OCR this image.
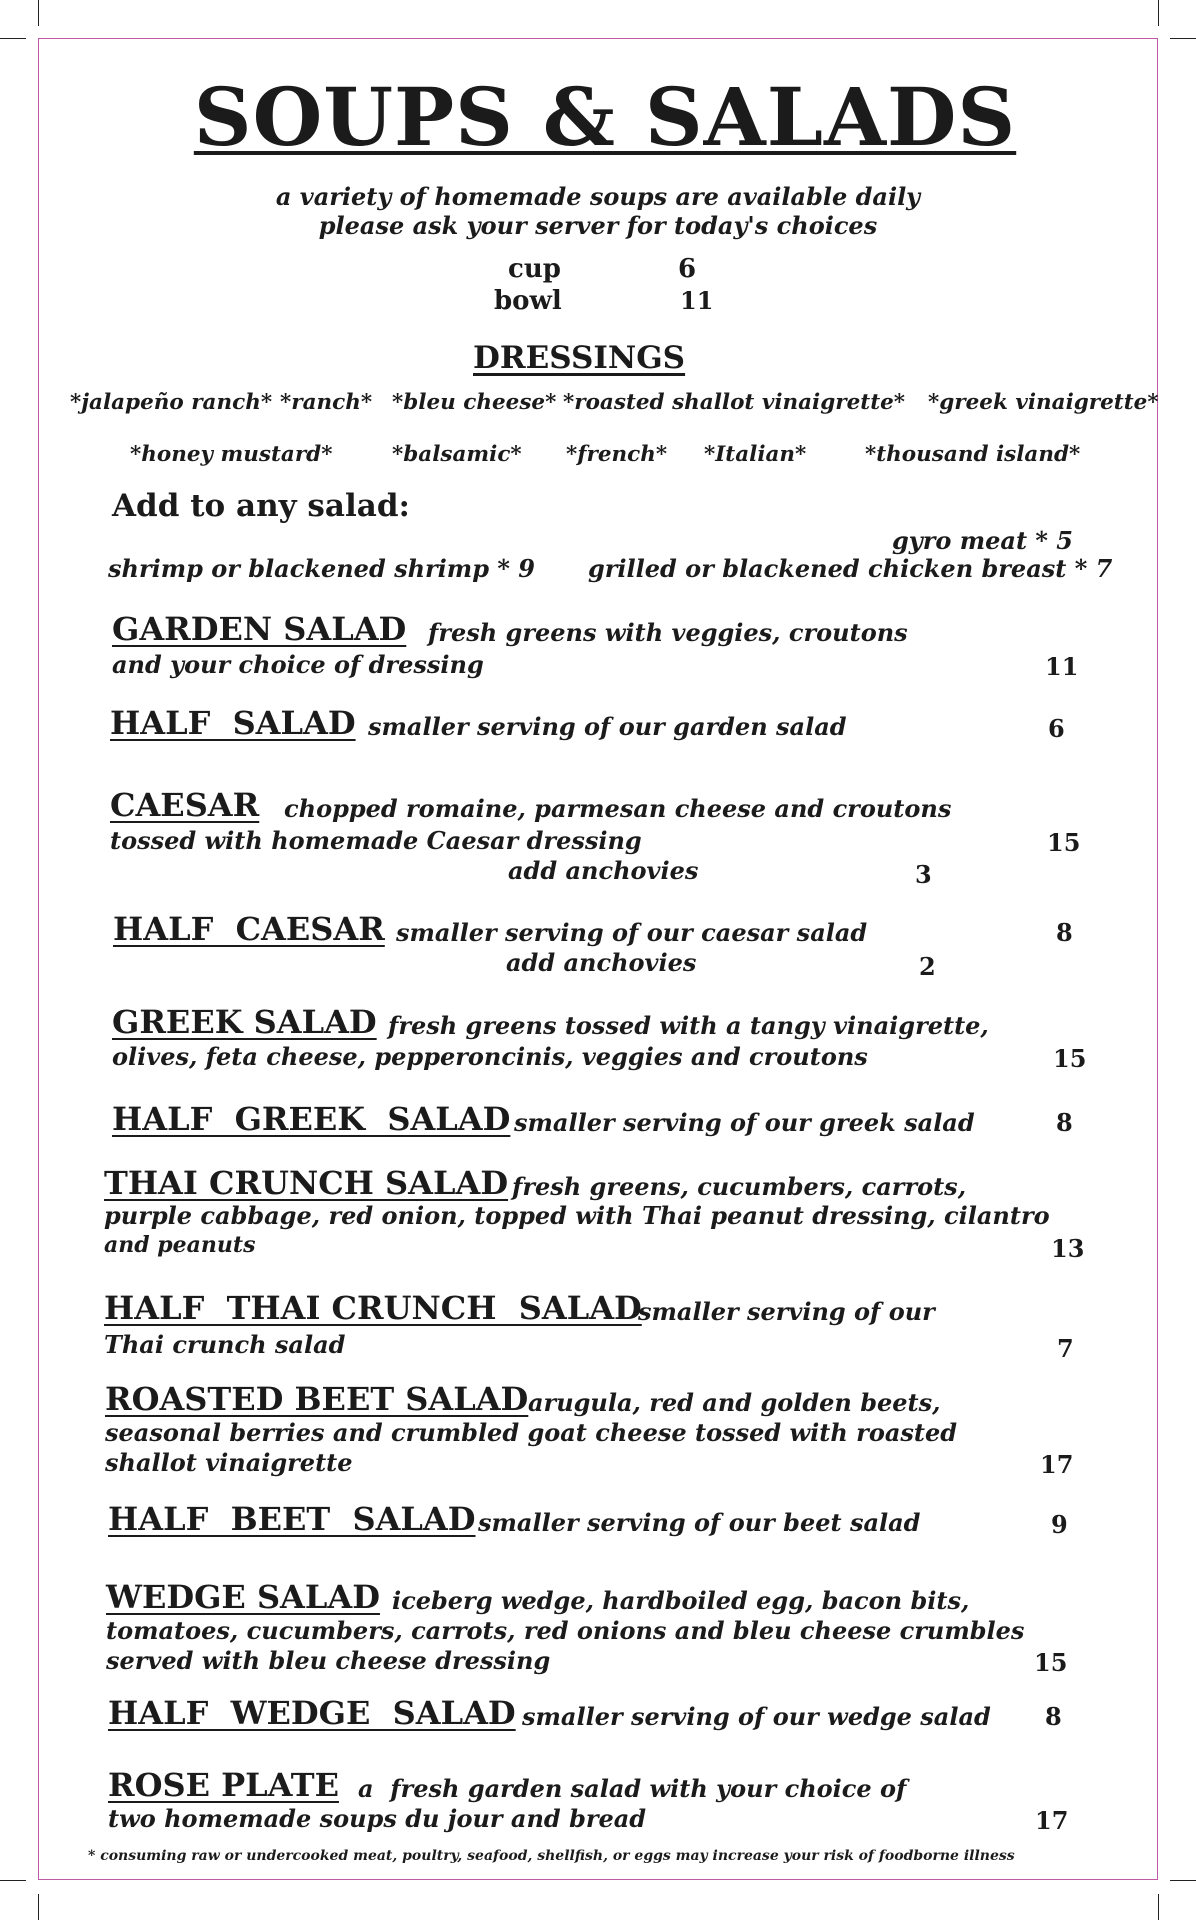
SOUPS & SALADS
a variety of homemade soups are available daily
please ask your server for today's choices
cup	6
bowl	11
DRESSINGS
*jalapeño ranch* *ranch* *bleu cheese* *roasted shallot vinaigrette* *greek vinaigrette*
*honey mustard*	*balsamic* *french* *Italian*	*thousand island*
Add to any salad:
gyro meat * 5
shrimp or blackened shrimp * 9 grilled or blackened chicken breast * 7
GARDEN SALAD fresh greens with veggies, croutons
and your choice of dressing	11
HALF  SALAD smaller serving of our garden salad	6
CAESAR chopped romaine, parmesan cheese and croutons
tossed with homemade Caesar dressing	15
add anchovies	3
HALF  CAESAR smaller serving of our caesar salad	8
add anchovies	2
GREEK SALAD fresh greens tossed with a tangy vinaigrette,
olives, feta cheese, pepperoncinis, veggies and croutons	15
HALF  GREEK  SALAD smaller serving of our greek salad	8
THAI CRUNCH SALAD fresh greens, cucumbers, carrots,
purple cabbage, red onion, topped with Thai peanut dressing, cilantro
and peanuts	13
HALF  THAI CRUNCH  SALAD
smaller serving of our
Thai crunch salad	7
ROASTED BEET SALAD arugula, red and golden beets,
seasonal berries and crumbled goat cheese tossed with roasted
shallot vinaigrette	17
HALF  BEET  SALAD smaller serving of our beet salad	9
WEDGE SALAD iceberg wedge, hardboiled egg, bacon bits,
tomatoes, cucumbers, carrots, red onions and bleu cheese crumbles
served with bleu cheese dressing	15
HALF  WEDGE  SALAD smaller serving of our wedge salad 8
ROSE PLATE a  fresh garden salad with your choice of
two homemade soups du jour and bread	17
* consuming raw or undercooked meat, poultry, seafood, shellfish, or eggs may increase your risk of foodborne illness
